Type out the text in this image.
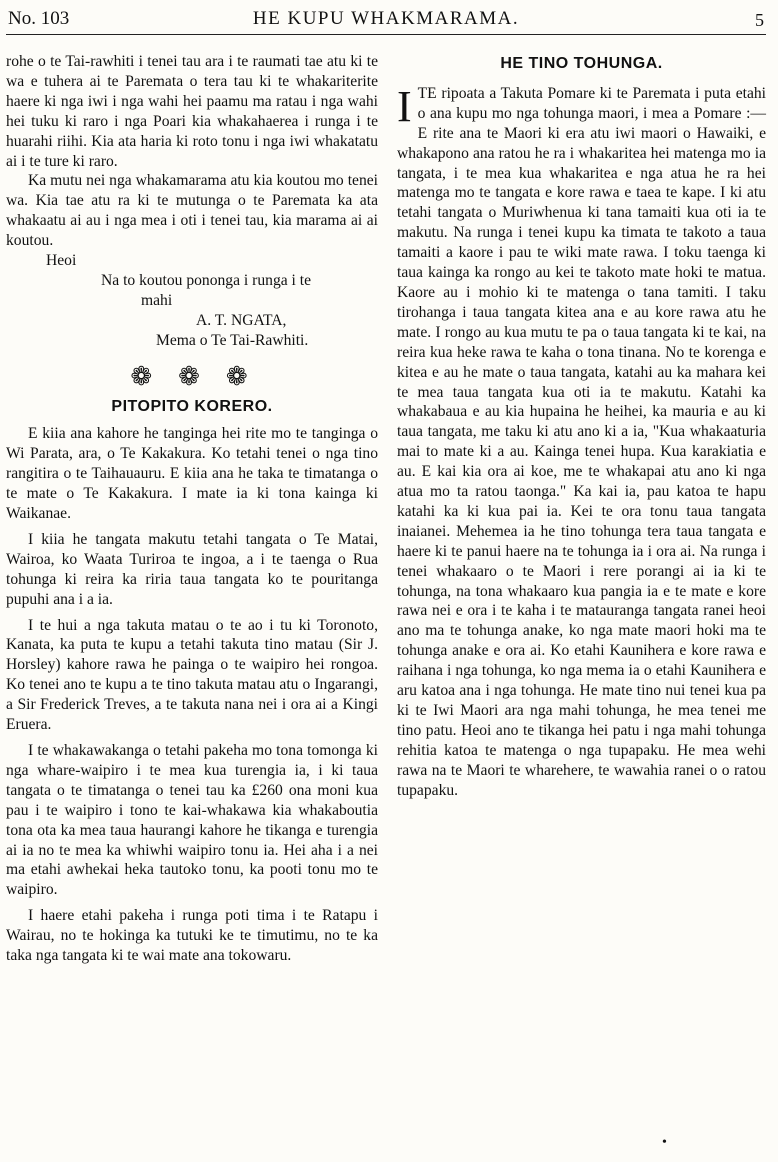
No. 103	HE KUPU WHAKMARAMA.	5

rohe o te Tai-rawhiti i tenei tau ara i te raumati tae atu ki te wa e tuhera ai te Paremata o tera tau ki te whakariterite haere ki nga iwi i nga wahi hei paamu ma ratau i nga wahi hei tuku ki raro i nga Poari kia whakahaerea i runga i te huarahi riihi. Kia ata haria ki roto tonu i nga iwi whakatatu ai i te ture ki raro.

Ka mutu nei nga whakamarama atu kia koutou mo tenei wa. Kia tae atu ra ki te mutunga o te Paremata ka ata whakaatu ai au i nga mea i oti i tenei tau, kia marama ai ai koutou.

Heoi

Na to koutou pononga i runga i te

mahi

A. T. NGATA,

Mema o Te Tai-Rawhiti.

❁❁❁
PITOPITO KORERO.

E kiia ana kahore he tanginga hei rite mo te tanginga o Wi Parata, ara, o Te Kakakura. Ko tetahi tenei o nga tino rangitira o te Taihauauru. E kiia ana he taka te timatanga o te mate o Te Kakakura. I mate ia ki tona kainga ki Waikanae.

I kiia he tangata makutu tetahi tangata o Te Matai, Wairoa, ko Waata Turiroa te ingoa, a i te taenga o Rua tohunga ki reira ka riria taua tangata ko te pouritanga pupuhi ana i a ia.

I te hui a nga takuta matau o te ao i tu ki Toronoto, Kanata, ka puta te kupu a tetahi takuta tino matau (Sir J. Horsley) kahore rawa he painga o te waipiro hei rongoa. Ko tenei ano te kupu a te tino takuta matau atu o Ingarangi, a Sir Frederick Treves, a te takuta nana nei i ora ai a Kingi Eruera.

I te whakawakanga o tetahi pakeha mo tona tomonga ki nga whare-waipiro i te mea kua turengia ia, i ki taua tangata o te timatanga o tenei tau ka £260 ona moni kua pau i te waipiro i tono te kai-whakawa kia whakaboutia tona ota ka mea taua haurangi kahore he tikanga e turengia ai ia no te mea ka whiwhi waipiro tonu ia. Hei aha i a nei ma etahi awhekai heka tautoko tonu, ka pooti tonu mo te waipiro.

I haere etahi pakeha i runga poti tima i te Ratapu i Wairau, no te hokinga ka tutuki ke te timutimu, no te ka taka nga tangata ki te wai mate ana tokowaru.

HE TINO TOHUNGA.

ITE ripoata a Takuta Pomare ki te Paremata i puta etahi o ana kupu mo nga tohunga maori, i mea a Pomare :—E rite ana te Maori ki era atu iwi maori o Hawaiki, e whakapono ana ratou he ra i whakaritea hei matenga mo ia tangata, i te mea kua whakaritea e nga atua he ra hei matenga mo te tangata e kore rawa e taea te kape. I ki atu tetahi tangata o Muriwhenua ki tana tamaiti kua oti ia te makutu. Na runga i tenei kupu ka timata te takoto a taua tamaiti a kaore i pau te wiki mate rawa. I toku taenga ki taua kainga ka rongo au kei te takoto mate hoki te matua. Kaore au i mohio ki te matenga o tana tamiti. I taku tirohanga i taua tangata kitea ana e au kore rawa atu he mate. I rongo au kua mutu te pa o taua tangata ki te kai, na reira kua heke rawa te kaha o tona tinana. No te korenga e kitea e au he mate o taua tangata, katahi au ka mahara kei te mea taua tangata kua oti ia te makutu. Katahi ka whakabaua e au kia hupaina he heihei, ka mauria e au ki taua tangata, me taku ki atu ano ki a ia, "Kua whakaaturia mai to mate ki a au. Kainga tenei hupa. Kua karakiatia e au. E kai kia ora ai koe, me te whakapai atu ano ki nga atua mo ta ratou taonga." Ka kai ia, pau katoa te hapu katahi ka ki kua pai ia. Kei te ora tonu taua tangata inaianei. Mehemea ia he tino tohunga tera taua tangata e haere ki te panui haere na te tohunga ia i ora ai. Na runga i tenei whakaaro o te Maori i rere porangi ai ia ki te tohunga, na tona whakaaro kua pangia ia e te mate e kore rawa nei e ora i te kaha i te matauranga tangata ranei heoi ano ma te tohunga anake, ko nga mate maori hoki ma te tohunga anake e ora ai. Ko etahi Kaunihera e kore rawa e raihana i nga tohunga, ko nga mema ia o etahi Kaunihera e aru katoa ana i nga tohunga. He mate tino nui tenei kua pa ki te Iwi Maori ara nga mahi tohunga, he mea tenei me tino patu. Heoi ano te tikanga hei patu i nga mahi tohunga rehitia katoa te matenga o nga tupapaku. He mea wehi rawa na te Maori te wharehere, te wawahia ranei o o ratou tupapaku.

•
